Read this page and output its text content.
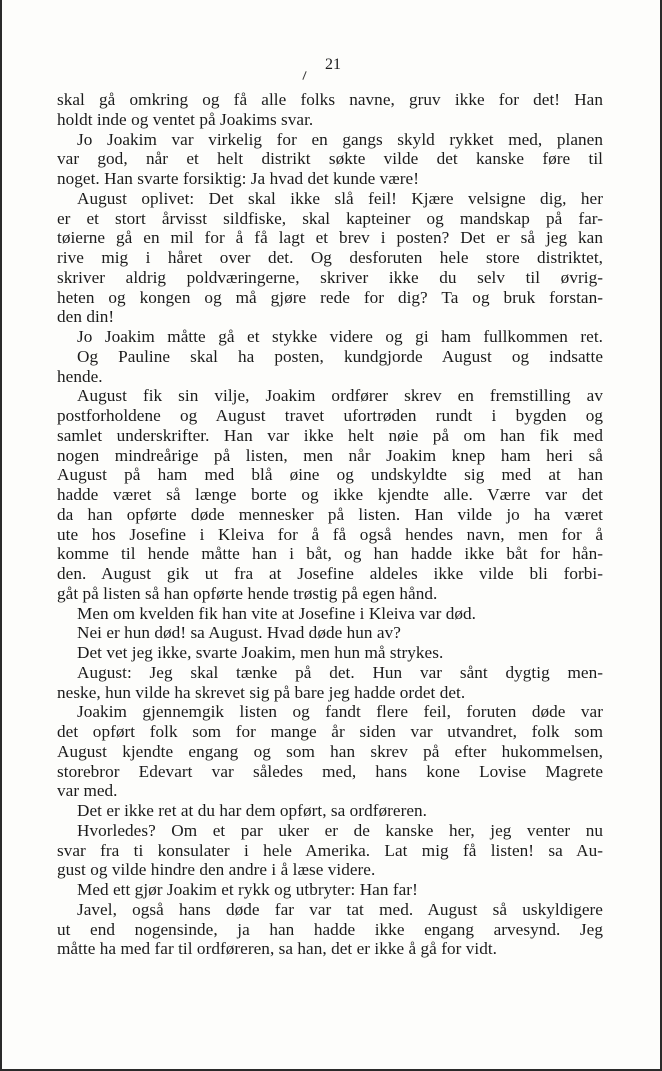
21
skal gå omkring og få alle folks navne, gruv ikke for det! Han
holdt inde og ventet på Joakims svar.
Jo Joakim var virkelig for en gangs skyld rykket med, planen
var god, når et helt distrikt søkte vilde det kanske føre til
noget. Han svarte forsiktig: Ja hvad det kunde være!
August oplivet: Det skal ikke slå feil! Kjære velsigne dig, her
er et stort årvisst sildfiske, skal kapteiner og mandskap på far-
tøierne gå en mil for å få lagt et brev i posten? Det er så jeg kan
rive mig i håret over det. Og desforuten hele store distriktet,
skriver aldrig poldværingerne, skriver ikke du selv til øvrig-
heten og kongen og må gjøre rede for dig? Ta og bruk forstan-
den din!
Jo Joakim måtte gå et stykke videre og gi ham fullkommen ret.
Og Pauline skal ha posten, kundgjorde August og indsatte
hende.
August fik sin vilje, Joakim ordfører skrev en fremstilling av
postforholdene og August travet ufortrøden rundt i bygden og
samlet underskrifter. Han var ikke helt nøie på om han fik med
nogen mindreårige på listen, men når Joakim knep ham heri så
August på ham med blå øine og undskyldte sig med at han
hadde været så længe borte og ikke kjendte alle. Værre var det
da han opførte døde mennesker på listen. Han vilde jo ha været
ute hos Josefine i Kleiva for å få også hendes navn, men for å
komme til hende måtte han i båt, og han hadde ikke båt for hån-
den. August gik ut fra at Josefine aldeles ikke vilde bli forbi-
gåt på listen så han opførte hende trøstig på egen hånd.
Men om kvelden fik han vite at Josefine i Kleiva var død.
Nei er hun død! sa August. Hvad døde hun av?
Det vet jeg ikke, svarte Joakim, men hun må strykes.
August: Jeg skal tænke på det. Hun var sånt dygtig men-
neske, hun vilde ha skrevet sig på bare jeg hadde ordet det.
Joakim gjennemgik listen og fandt flere feil, foruten døde var
det opført folk som for mange år siden var utvandret, folk som
August kjendte engang og som han skrev på efter hukommelsen,
storebror Edevart var således med, hans kone Lovise Magrete
var med.
Det er ikke ret at du har dem opført, sa ordføreren.
Hvorledes? Om et par uker er de kanske her, jeg venter nu
svar fra ti konsulater i hele Amerika. Lat mig få listen! sa Au-
gust og vilde hindre den andre i å læse videre.
Med ett gjør Joakim et rykk og utbryter: Han far!
Javel, også hans døde far var tat med. August så uskyldigere
ut end nogensinde, ja han hadde ikke engang arvesynd. Jeg
måtte ha med far til ordføreren, sa han, det er ikke å gå for vidt.
